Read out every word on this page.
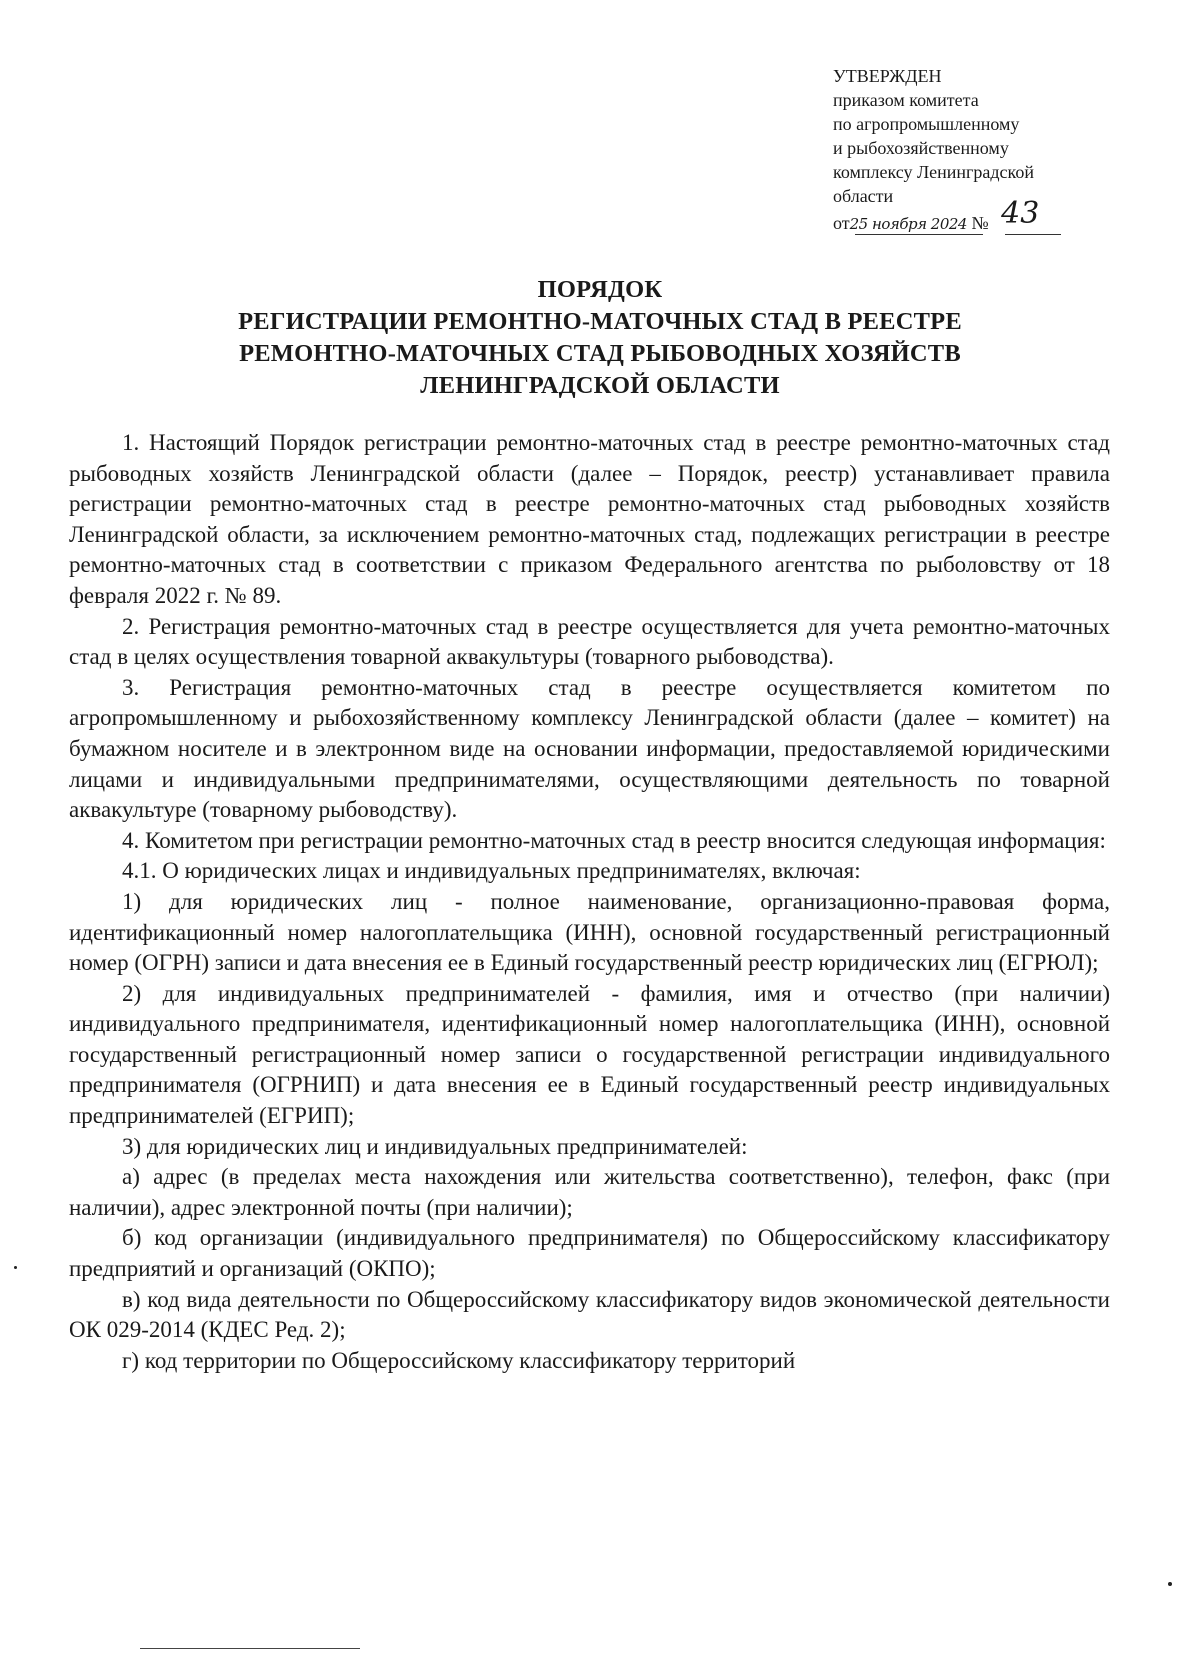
УТВЕРЖДЕН
приказом комитета
по агропромышленному
и рыбохозяйственному
комплексу Ленинградской
области
от25 ноября 2024 № 43
ПОРЯДОК
РЕГИСТРАЦИИ РЕМОНТНО-МАТОЧНЫХ СТАД В РЕЕСТРЕ
РЕМОНТНО-МАТОЧНЫХ СТАД РЫБОВОДНЫХ ХОЗЯЙСТВ
ЛЕНИНГРАДСКОЙ ОБЛАСТИ

1. Настоящий Порядок регистрации ремонтно-маточных стад в реестре ремонтно-маточных стад рыбоводных хозяйств Ленинградской области (далее – Порядок, реестр) устанавливает правила регистрации ремонтно-маточных стад в реестре ремонтно-маточных стад рыбоводных хозяйств Ленинградской области, за исключением ремонтно-маточных стад, подлежащих регистрации в реестре ремонтно-маточных стад в соответствии с приказом Федерального агентства по рыболовству от 18 февраля 2022 г. № 89.

2. Регистрация ремонтно-маточных стад в реестре осуществляется для учета ремонтно-маточных стад в целях осуществления товарной аквакультуры (товарного рыбоводства).

3. Регистрация ремонтно-маточных стад в реестре осуществляется комитетом по агропромышленному и рыбохозяйственному комплексу Ленинградской области (далее – комитет) на бумажном носителе и в электронном виде на основании информации, предоставляемой юридическими лицами и индивидуальными предпринимателями, осуществляющими деятельность по товарной аквакультуре (товарному рыбоводству).

4. Комитетом при регистрации ремонтно-маточных стад в реестр вносится следующая информация:

4.1. О юридических лицах и индивидуальных предпринимателях, включая:

1) для юридических лиц - полное наименование, организационно-правовая форма, идентификационный номер налогоплательщика (ИНН), основной государственный регистрационный номер (ОГРН) записи и дата внесения ее в Единый государственный реестр юридических лиц (ЕГРЮЛ);

2) для индивидуальных предпринимателей - фамилия, имя и отчество (при наличии) индивидуального предпринимателя, идентификационный номер налогоплательщика (ИНН), основной государственный регистрационный номер записи о государственной регистрации индивидуального предпринимателя (ОГРНИП) и дата внесения ее в Единый государственный реестр индивидуальных предпринимателей (ЕГРИП);

3) для юридических лиц и индивидуальных предпринимателей:

а) адрес (в пределах места нахождения или жительства соответственно), телефон, факс (при наличии), адрес электронной почты (при наличии);

б) код организации (индивидуального предпринимателя) по Общероссийскому классификатору предприятий и организаций (ОКПО);

в) код вида деятельности по Общероссийскому классификатору видов экономической деятельности ОК 029-2014 (КДЕС Ред. 2);

г) код территории по Общероссийскому классификатору территорий
